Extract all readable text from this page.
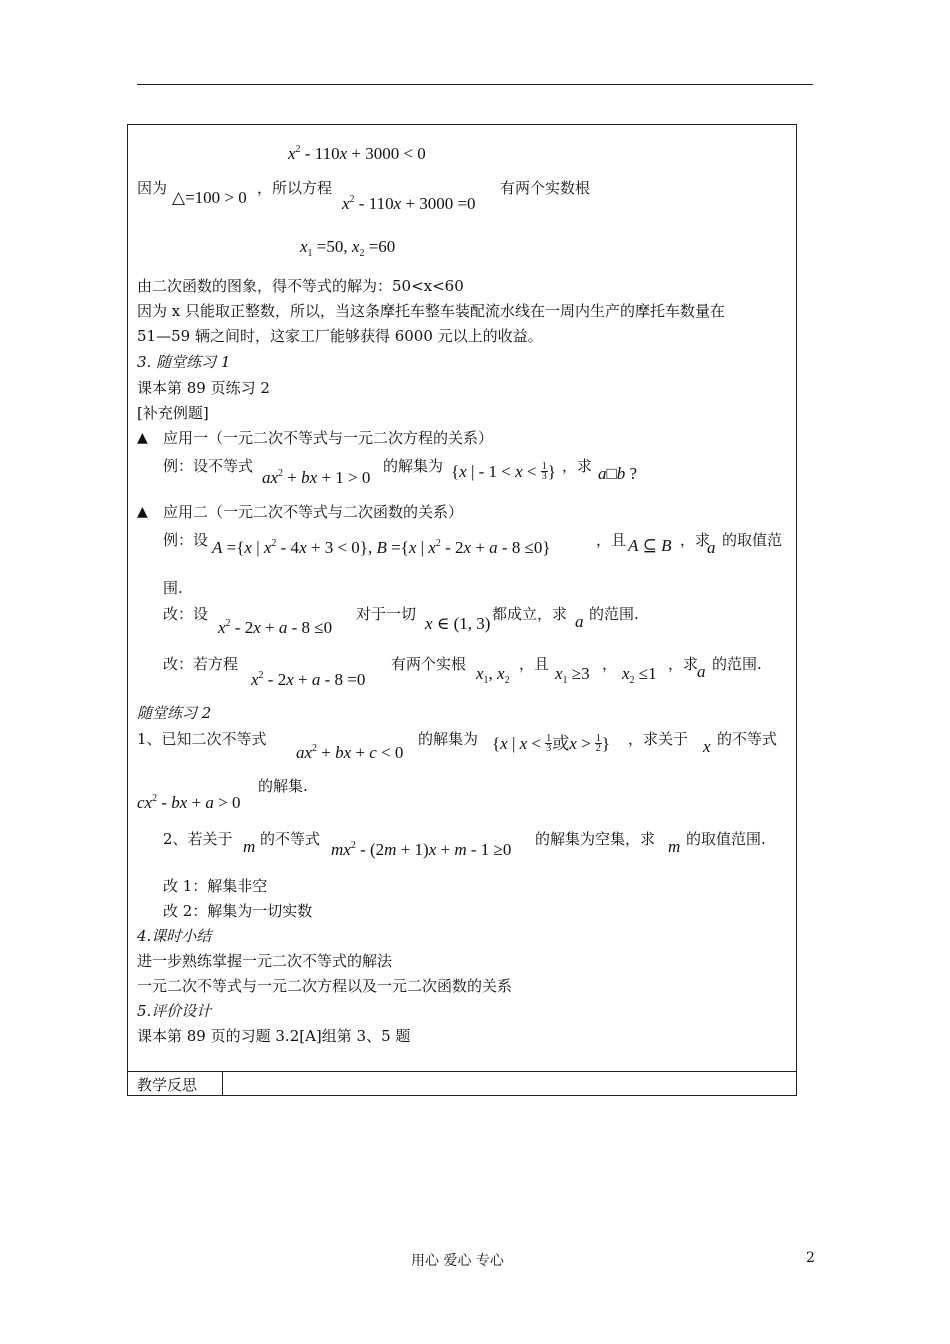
$x^2 - 110x + 3000 < 0$
因为 △=100 > 0 ，所以方程
$x^2 - 110x + 3000 =0$
有两个实数根
$x_1 =50$, $x_2 =60$
由二次函数的图象，得不等式的解为：50<x<60
因为 x 只能取正整数，所以，当这条摩托车整车装配流水线在一周内生产的摩托车数量在
51—59 辆之间时，这家工厂能够获得 6000 元以上的收益。
3. 随堂练习 1
课本第 89 页练习 2
[补充例题]
▲ 应用一（一元二次不等式与一元二次方程的关系）
例：设不等式
$ax^2$ + bx + 1 > 0
的解集为 {x | - $1 < x < \frac{1}{3}$ } ，求 a□b ?
▲ 应用二（一元二次不等式与二次函数的关系）
例：设 A ={x | $x^2 - 4x + 3 < 0$}, B ={x | $x^2 - 2x + a - 8 \le 0$}	，且 A ⊆ B ，求
a 的取值范
围.
改：设
$x^2 - 2x + a - 8 \le 0$
对于一切 x ∈ (1, 3) 都成立，求 a 的范围.
改：若方程
$x^2 - 2x + a - 8 =0$
有两个实根 $x_1$, $x_2$
，且 $x_1 \ge 3$ ， $x_2 \le 1$ ，求
a 的范围.
随堂练习 2
1、已知二次不等式
$ax^2$ + bx + c < 0
的解集为 {x | $x < \frac{1}{3}$ 或$x > \frac{1}{2}$ } ，求关于 x 的不等式
$cx^2$ - bx + a > 0
的解集.
2、若关于 m 的不等式
$mx^2 - (2m + 1)x + m - 1 \ge 0$
的解集为空集，求 m 的取值范围.
改 1：解集非空
改 2：解集为一切实数
4.课时小结
进一步熟练掌握一元二次不等式的解法
一元二次不等式与一元二次方程以及一元二次函数的关系
5.评价设计
课本第 89 页的习题 3.2[A]组第 3、5 题
教学反思
用心 爱心 专心	2
